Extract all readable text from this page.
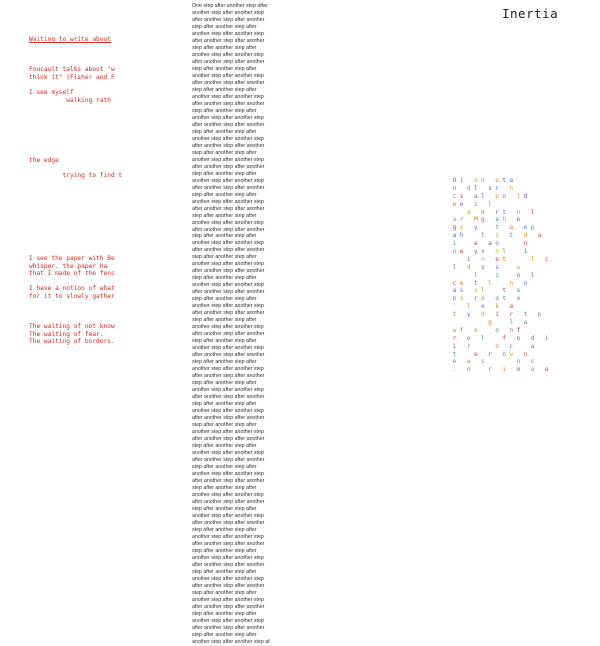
Inertia
Waiting to write about
Foucault talks about "w
think it" (Fisher and F
I see myself
walking rath
the edge

trying to find t
I see the paper with Be
whisper. the paper ha
that I made of the fenc
I have a notion of what
for it to slowly gather
The waiting of not know
The waiting of fear.
The waiting of borders.
One step after another step after
another step after another step
after another step after another
step after another step after
another step after another step
after another step after another
step after another step after
another step after another step
after another step after another
step after another step after
another step after another step
after another step after another
step after another step after
another step after another step
after another step after another
step after another step after
another step after another step
after another step after another
step after another step after
another step after another step
after another step after another
step after another step after
another step after another step
after another step after another
step after another step after
another step after another step
after another step after another
step after another step after
another step after another step
after another step after another
step after another step after
another step after another step
after another step after another
step after another step after
another step after another step
after another step after another
step after another step after
another step after another step
after another step after another
step after another step after
another step after another step
after another step after another
step after another step after
another step after another step
after another step after another
step after another step after
another step after another step
after another step after another
step after another step after
another step after another step
after another step after another
step after another step after
another step after another step
after another step after another
step after another step after
another step after another step
after another step after another
step after another step after
another step after another step
after another step after another
step after another step after
another step after another step
after another step after another
step after another step after
another step after another step
after another step after another
step after another step after
another step after another step
after another step after another
step after another step after
another step after another step
after another step after another
step after another step after
another step after another step
after another step after another
step after another step after
another step after another step
after another step after another
step after another step after
another step after another step
after another step after another
step after another step after
another step after another step
after another step after another
step after another step after
another step after another step
after another step after another
step after another step after
another step after another step
after another step after another
step after another step after
another step after another step af
O i
o n
o t a
n
d l
s r
n
c s
a l
p o
l d
e e
i
l

a
n
r t
n
l
a r
M g
a h
e
g c
y

	t
a
e p
a h

	t
i
t
d
a
i

	e
a o

	n
n e
y x
n l

	i

i
n
e t

	l
c
l
d
s
s

	w

l

	i

	o
l
c e
t
l

	n
o
a s
o l

	t
s
n s
r o
o t
e
'
l
e
k
a
t
y
d
i
r
t
p

g

	l
a
w f
o

	o
n f
r
o
l

	f
n
d
i
i
r

	o
c

	a
t

	e
r
o w
n
e
w
c

	n
c
.
o

	r
i
m
a
e
